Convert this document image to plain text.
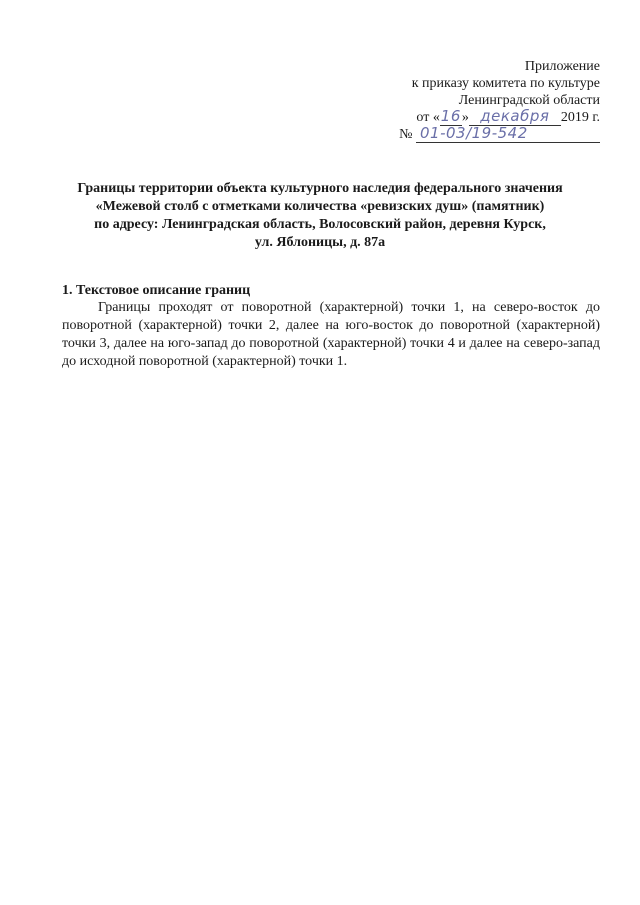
Приложение
к приказу комитета по культуре
Ленинградской области
от «16» декабря 2019 г.
№ 01-03/19-542
Границы территории объекта культурного наследия федерального значения
«Межевой столб с отметками количества «ревизских душ» (памятник)
по адресу: Ленинградская область, Волосовский район, деревня Курск,
ул. Яблоницы, д. 87а
1. Текстовое описание границ
Границы проходят от поворотной (характерной) точки 1, на северо-восток до поворотной (характерной) точки 2, далее на юго-восток до поворотной (характерной) точки 3, далее на юго-запад до поворотной (характерной) точки 4 и далее на северо-запад до исходной поворотной (характерной) точки 1.
